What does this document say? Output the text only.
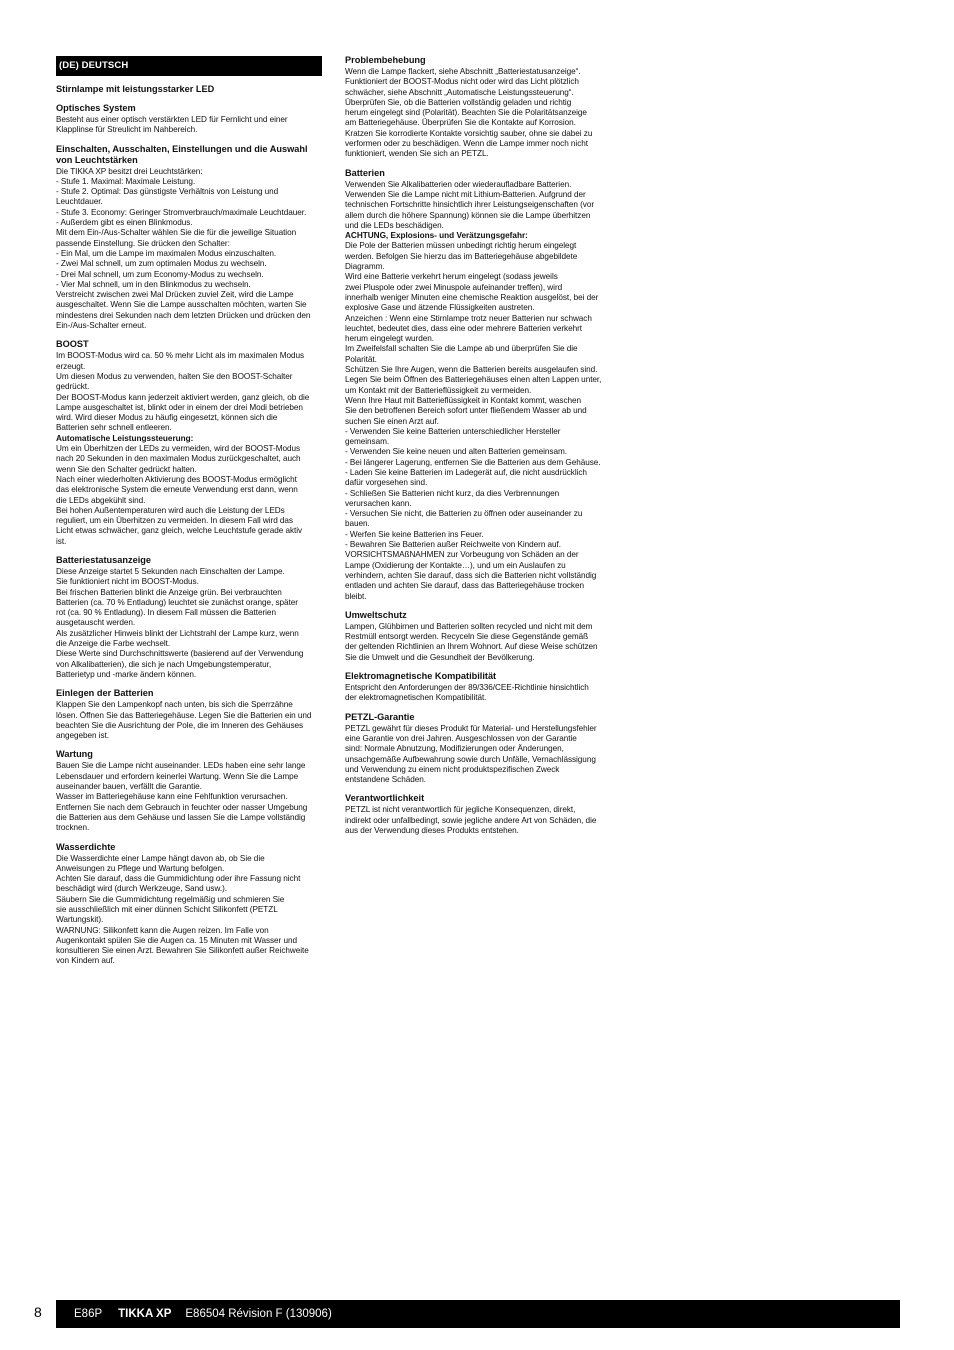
(DE) DEUTSCH
Stirnlampe mit leistungsstarker LED
Optisches System
Besteht aus einer optisch verstärkten LED für Fernlicht und einer
Klapplinse für Streulicht im Nahbereich.
Einschalten, Ausschalten, Einstellungen und die Auswahl
von Leuchtstärken
Die TIKKA XP besitzt drei Leuchtstärken:
- Stufe 1. Maximal: Maximale Leistung.
- Stufe 2. Optimal: Das günstigste Verhältnis von Leistung und
Leuchtdauer.
- Stufe 3. Economy: Geringer Stromverbrauch/maximale Leuchtdauer.
- Außerdem gibt es einen Blinkmodus.
Mit dem Ein-/Aus-Schalter wählen Sie die für die jeweilige Situation
passende Einstellung. Sie drücken den Schalter:
- Ein Mal, um die Lampe im maximalen Modus einzuschalten.
- Zwei Mal schnell, um zum optimalen Modus zu wechseln.
- Drei Mal schnell, um zum Economy-Modus zu wechseln.
- Vier Mal schnell, um in den Blinkmodus zu wechseln.
Verstreicht zwischen zwei Mal Drücken zuviel Zeit, wird die Lampe
ausgeschaltet. Wenn Sie die Lampe ausschalten möchten, warten Sie
mindestens drei Sekunden nach dem letzten Drücken und drücken den
Ein-/Aus-Schalter erneut.
BOOST
Im BOOST-Modus wird ca. 50 % mehr Licht als im maximalen Modus
erzeugt.
Um diesen Modus zu verwenden, halten Sie den BOOST-Schalter
gedrückt.
Der BOOST-Modus kann jederzeit aktiviert werden, ganz gleich, ob die
Lampe ausgeschaltet ist, blinkt oder in einem der drei Modi betrieben
wird. Wird dieser Modus zu häufig eingesetzt, können sich die
Batterien sehr schnell entleeren.
Automatische Leistungssteuerung:
Um ein Überhitzen der LEDs zu vermeiden, wird der BOOST-Modus
nach 20 Sekunden in den maximalen Modus zurückgeschaltet, auch
wenn Sie den Schalter gedrückt halten.
Nach einer wiederholten Aktivierung des BOOST-Modus ermöglicht
das elektronische System die erneute Verwendung erst dann, wenn
die LEDs abgekühlt sind.
Bei hohen Außentemperaturen wird auch die Leistung der LEDs
reguliert, um ein Überhitzen zu vermeiden. In diesem Fall wird das
Licht etwas schwächer, ganz gleich, welche Leuchtstufe gerade aktiv
ist.
Batteriestatusanzeige
Diese Anzeige startet 5 Sekunden nach Einschalten der Lampe.
Sie funktioniert nicht im BOOST-Modus.
Bei frischen Batterien blinkt die Anzeige grün. Bei verbrauchten
Batterien (ca. 70 % Entladung) leuchtet sie zunächst orange, später
rot (ca. 90 % Entladung). In diesem Fall müssen die Batterien
ausgetauscht werden.
Als zusätzlicher Hinweis blinkt der Lichtstrahl der Lampe kurz, wenn
die Anzeige die Farbe wechselt.
Diese Werte sind Durchschnittswerte (basierend auf der Verwendung
von Alkalibatterien), die sich je nach Umgebungstemperatur,
Batterietyp und -marke ändern können.
Einlegen der Batterien
Klappen Sie den Lampenkopf nach unten, bis sich die Sperrzähne
lösen. Öffnen Sie das Batteriegehäuse. Legen Sie die Batterien ein und
beachten Sie die Ausrichtung der Pole, die im Inneren des Gehäuses
angegeben ist.
Wartung
Bauen Sie die Lampe nicht auseinander. LEDs haben eine sehr lange
Lebensdauer und erfordern keinerlei Wartung. Wenn Sie die Lampe
auseinander bauen, verfällt die Garantie.
Wasser im Batteriegehäuse kann eine Fehlfunktion verursachen.
Entfernen Sie nach dem Gebrauch in feuchter oder nasser Umgebung
die Batterien aus dem Gehäuse und lassen Sie die Lampe vollständig
trocknen.
Wasserdichte
Die Wasserdichte einer Lampe hängt davon ab, ob Sie die
Anweisungen zu Pflege und Wartung befolgen.
Achten Sie darauf, dass die Gummidichtung oder ihre Fassung nicht
beschädigt wird (durch Werkzeuge, Sand usw.).
Säubern Sie die Gummidichtung regelmäßig und schmieren Sie
sie ausschließlich mit einer dünnen Schicht Silikonfett (PETZL
Wartungskit).
WARNUNG: Silikonfett kann die Augen reizen. Im Falle von
Augenkontakt spülen Sie die Augen ca. 15 Minuten mit Wasser und
konsultieren Sie einen Arzt. Bewahren Sie Silikonfett außer Reichweite
von Kindern auf.
Problembehebung
Wenn die Lampe flackert, siehe Abschnitt „Batteriestatusanzeige“.
Funktioniert der BOOST-Modus nicht oder wird das Licht plötzlich
schwächer, siehe Abschnitt „Automatische Leistungssteuerung“.
Überprüfen Sie, ob die Batterien vollständig geladen und richtig
herum eingelegt sind (Polarität). Beachten Sie die Polaritätsanzeige
am Batteriegehäuse. Überprüfen Sie die Kontakte auf Korrosion.
Kratzen Sie korrodierte Kontakte vorsichtig sauber, ohne sie dabei zu
verformen oder zu beschädigen. Wenn die Lampe immer noch nicht
funktioniert, wenden Sie sich an PETZL.
Batterien
Verwenden Sie Alkalibatterien oder wiederaufladbare Batterien.
Verwenden Sie die Lampe nicht mit Lithium-Batterien. Aufgrund der
technischen Fortschritte hinsichtlich ihrer Leistungseigenschaften (vor
allem durch die höhere Spannung) können sie die Lampe überhitzen
und die LEDs beschädigen.
ACHTUNG, Explosions- und Verätzungsgefahr:
Die Pole der Batterien müssen unbedingt richtig herum eingelegt
werden. Befolgen Sie hierzu das im Batteriegehäuse abgebildete
Diagramm.
Wird eine Batterie verkehrt herum eingelegt (sodass jeweils
zwei Pluspole oder zwei Minuspole aufeinander treffen), wird
innerhalb weniger Minuten eine chemische Reaktion ausgelöst, bei der
explosive Gase und ätzende Flüssigkeiten austreten.
Anzeichen : Wenn eine Stirnlampe trotz neuer Batterien nur schwach
leuchtet, bedeutet dies, dass eine oder mehrere Batterien verkehrt
herum eingelegt wurden.
Im Zweifelsfall schalten Sie die Lampe ab und überprüfen Sie die
Polarität.
Schützen Sie Ihre Augen, wenn die Batterien bereits ausgelaufen sind.
Legen Sie beim Öffnen des Batteriegehäuses einen alten Lappen unter,
um Kontakt mit der Batterieflüssigkeit zu vermeiden.
Wenn Ihre Haut mit Batterieflüssigkeit in Kontakt kommt, waschen
Sie den betroffenen Bereich sofort unter fließendem Wasser ab und
suchen Sie einen Arzt auf.
- Verwenden Sie keine Batterien unterschiedlicher Hersteller
gemeinsam.
- Verwenden Sie keine neuen und alten Batterien gemeinsam.
- Bei längerer Lagerung, entfernen Sie die Batterien aus dem Gehäuse.
- Laden Sie keine Batterien im Ladegerät auf, die nicht ausdrücklich
dafür vorgesehen sind.
- Schließen Sie Batterien nicht kurz, da dies Verbrennungen
verursachen kann.
- Versuchen Sie nicht, die Batterien zu öffnen oder auseinander zu
bauen.
- Werfen Sie keine Batterien ins Feuer.
- Bewahren Sie Batterien außer Reichweite von Kindern auf.
VORSICHTSMAßNAHMEN zur Vorbeugung von Schäden an der
Lampe (Oxidierung der Kontakte…), und um ein Auslaufen zu
verhindern, achten Sie darauf, dass sich die Batterien nicht vollständig
entladen und achten Sie darauf, dass das Batteriegehäuse trocken
bleibt.
Umweltschutz
Lampen, Glühbirnen und Batterien sollten recycled und nicht mit dem
Restmüll entsorgt werden. Recyceln Sie diese Gegenstände gemäß
der geltenden Richtlinien an Ihrem Wohnort. Auf diese Weise schützen
Sie die Umwelt und die Gesundheit der Bevölkerung.
Elektromagnetische Kompatibilität
Entspricht den Anforderungen der 89/336/CEE-Richtlinie hinsichtlich
der elektromagnetischen Kompatibilität.
PETZL-Garantie
PETZL gewährt für dieses Produkt für Material- und Herstellungsfehler
eine Garantie von drei Jahren. Ausgeschlossen von der Garantie
sind: Normale Abnutzung, Modifizierungen oder Änderungen,
unsachgemäße Aufbewahrung sowie durch Unfälle, Vernachlässigung
und Verwendung zu einem nicht produktspezifischen Zweck
entstandene Schäden.
Verantwortlichkeit
PETZL ist nicht verantwortlich für jegliche Konsequenzen, direkt,
indirekt oder unfallbedingt, sowie jegliche andere Art von Schäden, die
aus der Verwendung dieses Produkts entstehen.
8	E86P TIKKA XP E86504 Révision F (130906)
